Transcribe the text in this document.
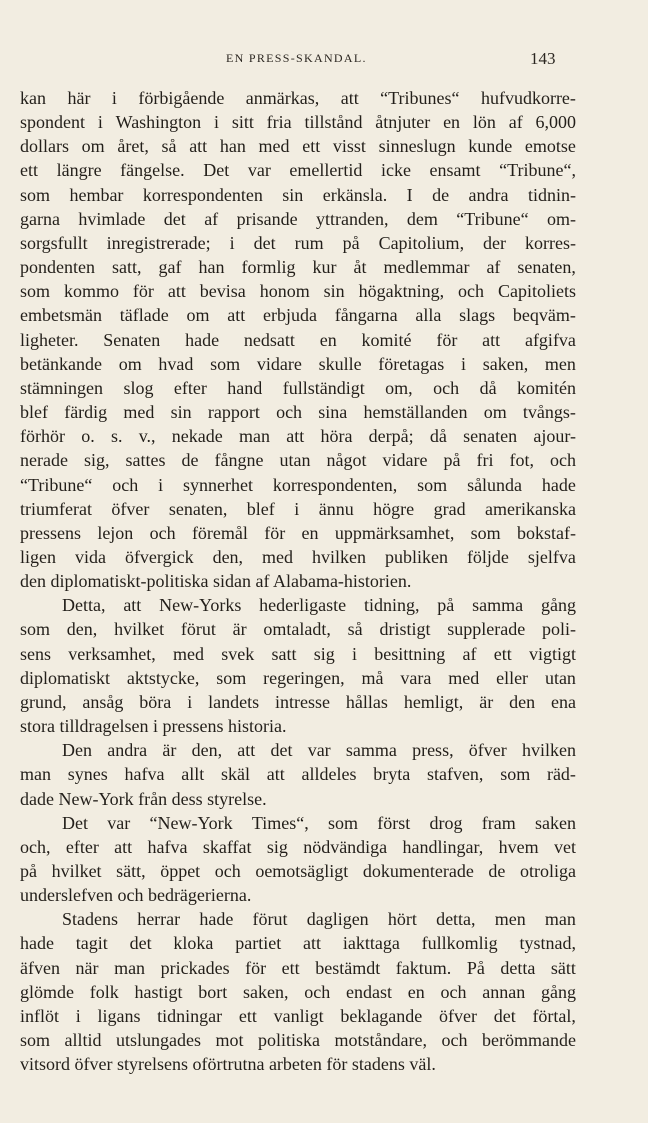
EN PRESS-SKANDAL.	143
kan här i förbigående anmärkas, att “Tribunes“ hufvudkorre-
spondent i Washington i sitt fria tillstånd åtnjuter en lön af 6,000
dollars om året, så att han med ett visst sinneslugn kunde emotse
ett längre fängelse. Det var emellertid icke ensamt “Tribune“,
som hembar korrespondenten sin erkänsla. I de andra tidnin-
garna hvimlade det af prisande yttranden, dem “Tribune“ om-
sorgsfullt inregistrerade; i det rum på Capitolium, der korres-
pondenten satt, gaf han formlig kur åt medlemmar af senaten,
som kommo för att bevisa honom sin högaktning, och Capitoliets
embetsmän täflade om att erbjuda fångarna alla slags beqväm-
ligheter. Senaten hade nedsatt en komité för att afgifva
betänkande om hvad som vidare skulle företagas i saken, men
stämningen slog efter hand fullständigt om, och då komitén
blef färdig med sin rapport och sina hemställanden om tvångs-
förhör o. s. v., nekade man att höra derpå; då senaten ajour-
nerade sig, sattes de fångne utan något vidare på fri fot, och
“Tribune“ och i synnerhet korrespondenten, som sålunda hade
triumferat öfver senaten, blef i ännu högre grad amerikanska
pressens lejon och föremål för en uppmärksamhet, som bokstaf-
ligen vida öfvergick den, med hvilken publiken följde sjelfva
den diplomatiskt-politiska sidan af Alabama-historien.
Detta, att New-Yorks hederligaste tidning, på samma gång
som den, hvilket förut är omtaladt, så dristigt supplerade poli-
sens verksamhet, med svek satt sig i besittning af ett vigtigt
diplomatiskt aktstycke, som regeringen, må vara med eller utan
grund, ansåg böra i landets intresse hållas hemligt, är den ena
stora tilldragelsen i pressens historia.
Den andra är den, att det var samma press, öfver hvilken
man synes hafva allt skäl att alldeles bryta stafven, som räd-
dade New-York från dess styrelse.
Det var “New-York Times“, som först drog fram saken
och, efter att hafva skaffat sig nödvändiga handlingar, hvem vet
på hvilket sätt, öppet och oemotsägligt dokumenterade de otroliga
underslefven och bedrägerierna.
Stadens herrar hade förut dagligen hört detta, men man
hade tagit det kloka partiet att iakttaga fullkomlig tystnad,
äfven när man prickades för ett bestämdt faktum. På detta sätt
glömde folk hastigt bort saken, och endast en och annan gång
inflöt i ligans tidningar ett vanligt beklagande öfver det förtal,
som alltid utslungades mot politiska motståndare, och berömmande
vitsord öfver styrelsens oförtrutna arbeten för stadens väl.
